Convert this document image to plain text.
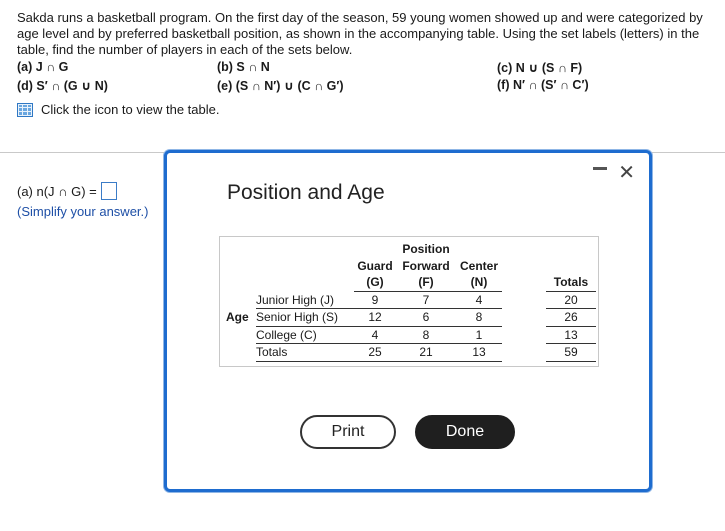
Sakda runs a basketball program. On the first day of the season, 59 young women showed up and were categorized by age level and by preferred basketball position, as shown in the accompanying table. Using the set labels (letters) in the table, find the number of players in each of the sets below.
(a) J ∩ G	(b) S ∩ N	(c) N ∪ (S ∩ F)
(d) S′ ∩ (G ∪ N)	(e) (S ∩ N′) ∪ (C ∩ G′)	(f) N′ ∩ (S′ ∩ C′)
Click the icon to view the table.
(a) n(J ∩ G) =
(Simplify your answer.)
Position and Age
✕
			Position			
		Guard	Forward	Center		
		(G)	(F)	(N)		Totals
	Junior High (J)	9	7	4		20
Age	Senior High (S)	12	6	8		26
	College (C)	4	8	1		13
	Totals	25	21	13		59
Print	Done
